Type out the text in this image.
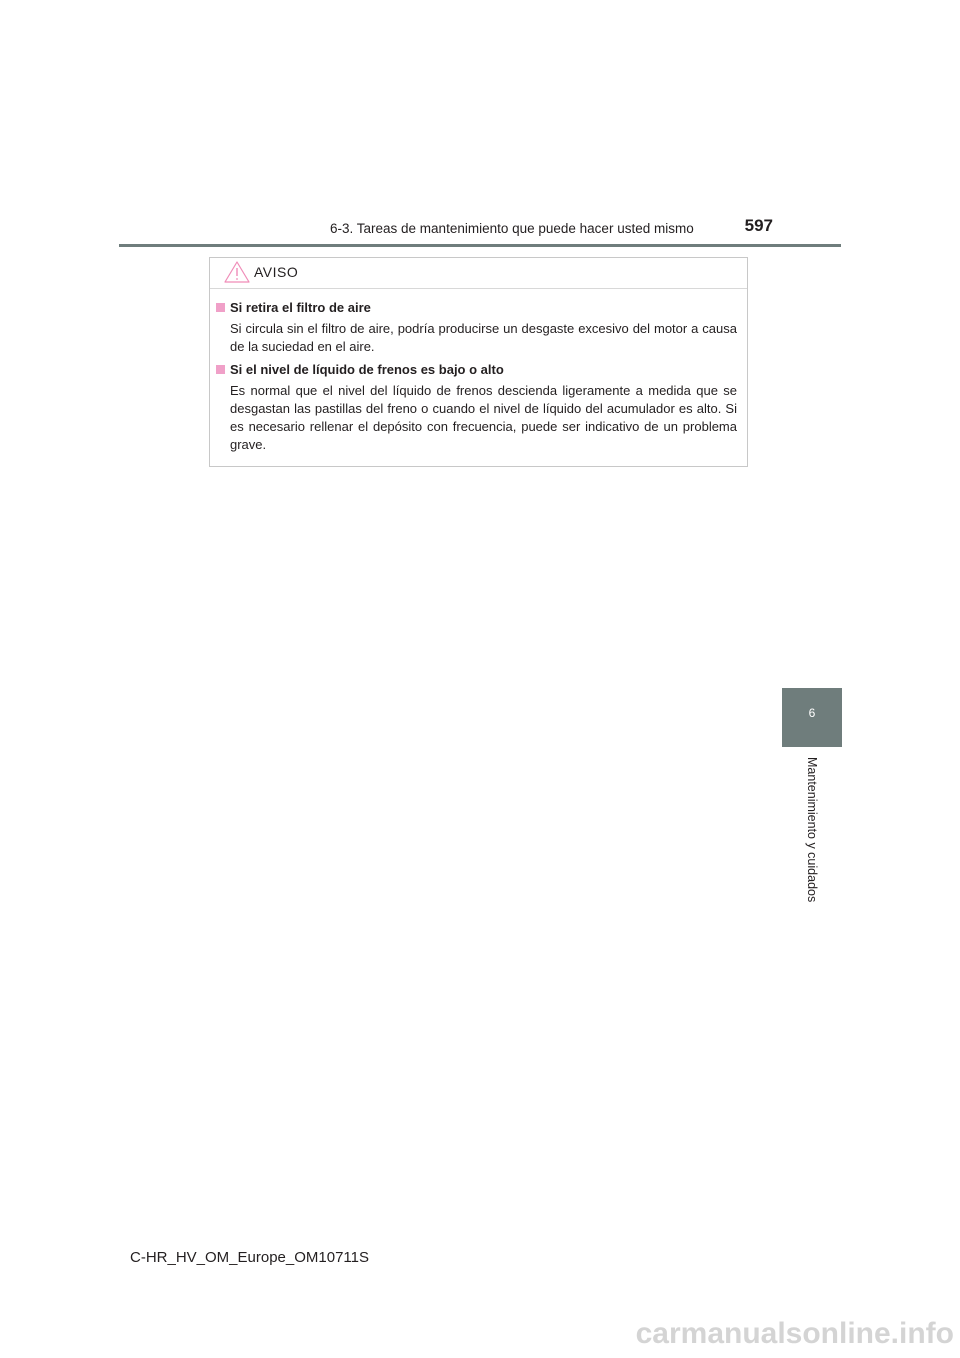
6-3. Tareas de mantenimiento que puede hacer usted mismo	597
AVISO
Si retira el filtro de aire
Si circula sin el filtro de aire, podría producirse un desgaste excesivo del motor a causa de la suciedad en el aire.
Si el nivel de líquido de frenos es bajo o alto
Es normal que el nivel del líquido de frenos descienda ligeramente a medida que se desgastan las pastillas del freno o cuando el nivel de líquido del acumulador es alto. Si es necesario rellenar el depósito con frecuencia, puede ser indicativo de un problema grave.
6
Mantenimiento y cuidados
C-HR_HV_OM_Europe_OM10711S
carmanualsonline.info
